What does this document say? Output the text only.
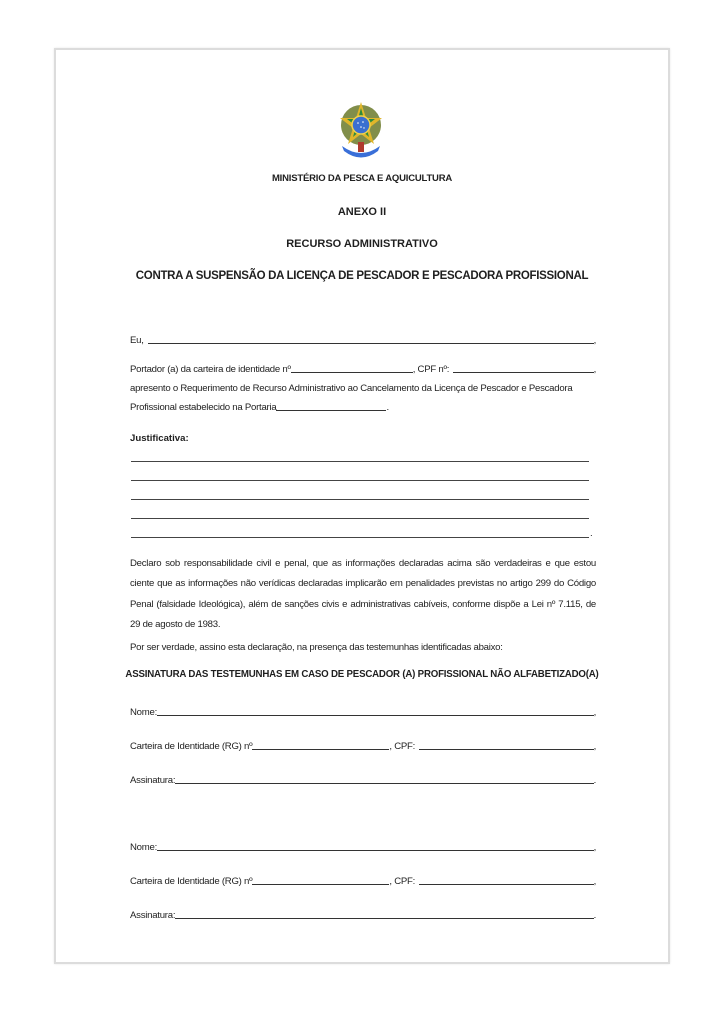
MINISTÉRIO DA PESCA E AQUICULTURA
ANEXO II
RECURSO ADMINISTRATIVO
CONTRA A SUSPENSÃO DA LICENÇA DE PESCADOR E PESCADORA PROFISSIONAL
Eu,	,
Portador (a) da carteira de identidade nº	, CPF nº:	,
apresento o Requerimento de Recurso Administrativo ao Cancelamento da Licença de Pescador e Pescadora
Profissional estabelecido na Portaria	.
Justificativa:
.

Declaro sob responsabilidade civil e penal, que as informações declaradas acima são verdadeiras e que estou ciente que as informações não verídicas declaradas implicarão em penalidades previstas no artigo 299 do Código Penal (falsidade Ideológica), além de sanções civis e administrativas cabíveis, conforme dispõe a Lei nº 7.115, de 29 de agosto de 1983.

Por ser verdade, assino esta declaração, na presença das testemunhas identificadas abaixo:
ASSINATURA DAS TESTEMUNHAS EM CASO DE PESCADOR (A) PROFISSIONAL NÃO ALFABETIZADO(A)
Nome:	,
Carteira de Identidade (RG) nº	, CPF:	,
Assinatura:	.
Nome:	,
Carteira de Identidade (RG) nº	, CPF:	,
Assinatura:	.
